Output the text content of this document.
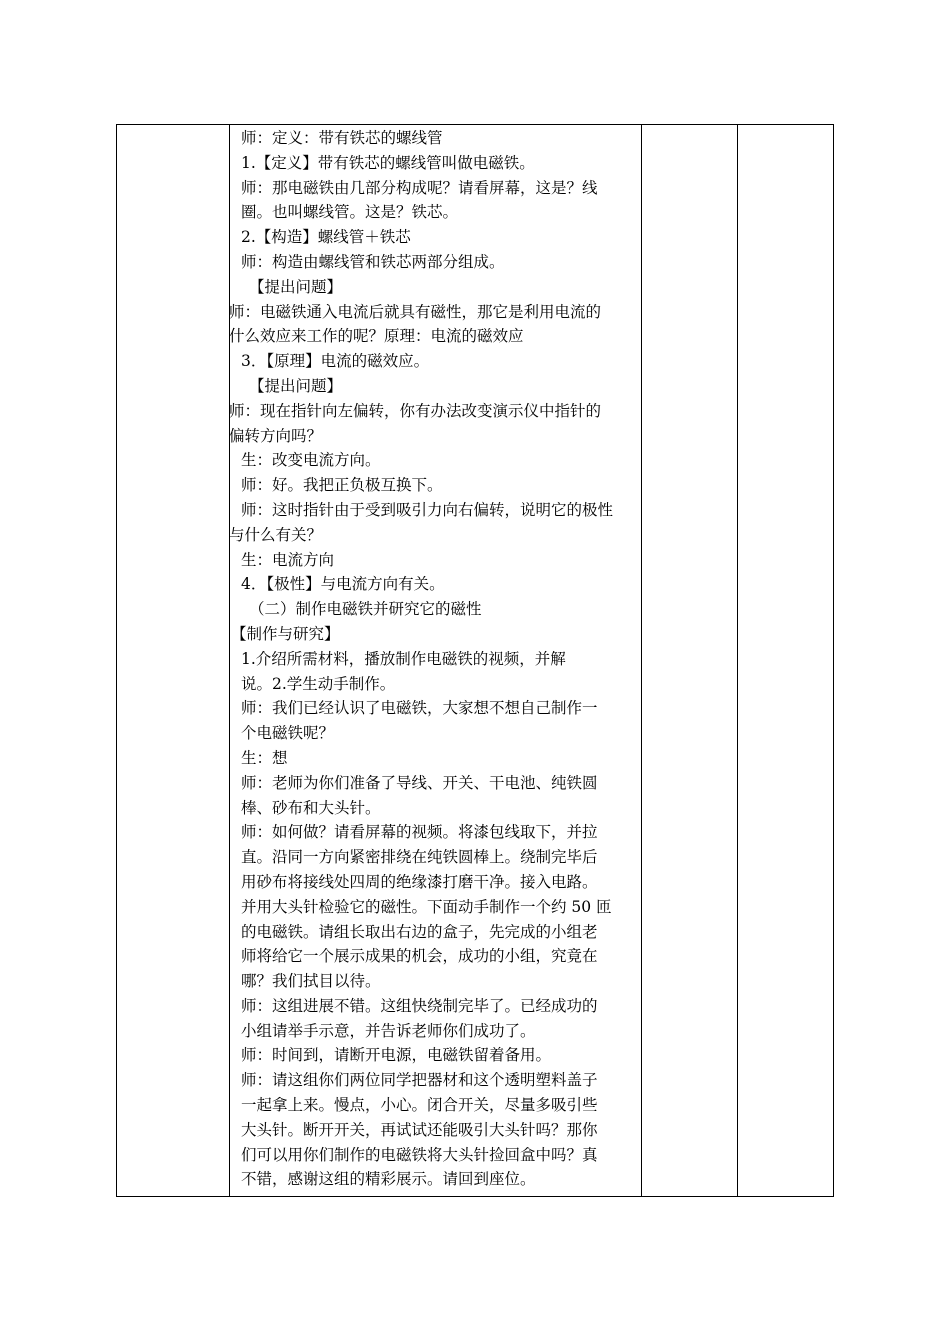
师：定义：带有铁芯的螺线管
1.【定义】带有铁芯的螺线管叫做电磁铁。
师：那电磁铁由几部分构成呢？请看屏幕，这是？线
圈。也叫螺线管。这是？铁芯。
2.【构造】螺线管＋铁芯
师：构造由螺线管和铁芯两部分组成。
【提出问题】
师：电磁铁通入电流后就具有磁性，那它是利用电流的
什么效应来工作的呢？原理：电流的磁效应
3．【原理】电流的磁效应。
【提出问题】
师：现在指针向左偏转，你有办法改变演示仪中指针的
偏转方向吗？
生：改变电流方向。
师：好。我把正负极互换下。
师：这时指针由于受到吸引力向右偏转，说明它的极性
与什么有关？
生：电流方向
4．【极性】与电流方向有关。
（二）制作电磁铁并研究它的磁性
【制作与研究】
1.介绍所需材料，播放制作电磁铁的视频，并解
说。2.学生动手制作。
师：我们已经认识了电磁铁，大家想不想自己制作一
个电磁铁呢？
生：想
师：老师为你们准备了导线、开关、干电池、纯铁圆
棒、砂布和大头针。
师：如何做？请看屏幕的视频。将漆包线取下，并拉
直。沿同一方向紧密排绕在纯铁圆棒上。绕制完毕后
用砂布将接线处四周的绝缘漆打磨干净。接入电路。
并用大头针检验它的磁性。下面动手制作一个约 50 匝
的电磁铁。请组长取出右边的盒子，先完成的小组老
师将给它一个展示成果的机会，成功的小组，究竟在
哪？我们拭目以待。
师：这组进展不错。这组快绕制完毕了。已经成功的
小组请举手示意，并告诉老师你们成功了。
师：时间到，请断开电源，电磁铁留着备用。
师：请这组你们两位同学把器材和这个透明塑料盖子
一起拿上来。慢点，小心。闭合开关，尽量多吸引些
大头针。断开开关，再试试还能吸引大头针吗？那你
们可以用你们制作的电磁铁将大头针捡回盒中吗？真
不错，感谢这组的精彩展示。请回到座位。
